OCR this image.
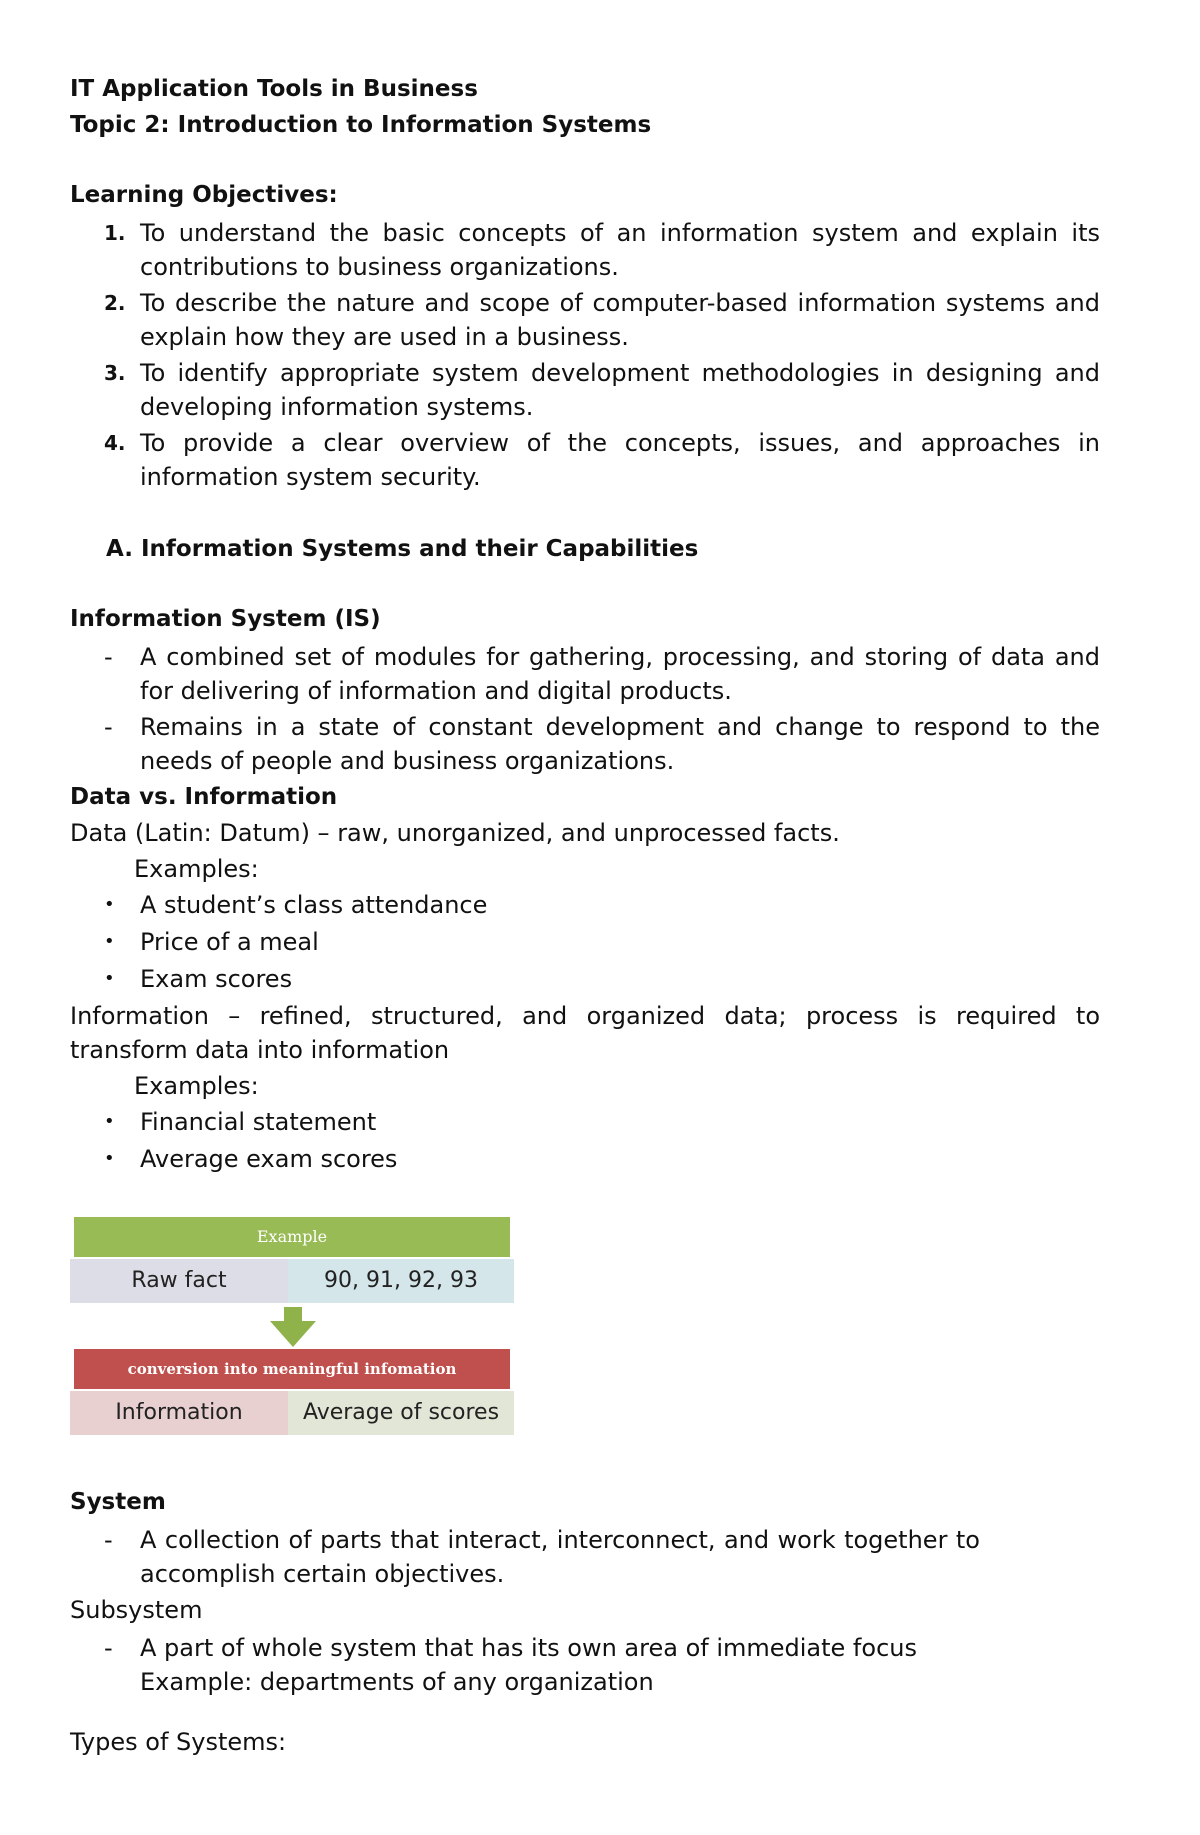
IT Application Tools in Business
Topic 2: Introduction to Information Systems
Learning Objectives:
1. To understand the basic concepts of an information system and explain its contributions to business organizations.
2. To describe the nature and scope of computer-based information systems and explain how they are used in a business.
3. To identify appropriate system development methodologies in designing and developing information systems.
4. To provide a clear overview of the concepts, issues, and approaches in information system security.
A. Information Systems and their Capabilities
Information System (IS)
- A combined set of modules for gathering, processing, and storing of data and for delivering of information and digital products.
- Remains in a state of constant development and change to respond to the needs of people and business organizations.
Data vs. Information
Data (Latin: Datum) – raw, unorganized, and unprocessed facts.
Examples:
• A student’s class attendance
• Price of a meal
• Exam scores
Information – refined, structured, and organized data; process is required to transform data into information
Examples:
• Financial statement
• Average exam scores
Example
Raw fact	90, 91, 92, 93
conversion into meaningful infomation
Information	Average of scores
System
- A collection of parts that interact, interconnect, and work together to accomplish certain objectives.
Subsystem
- A part of whole system that has its own area of immediate focus Example: departments of any organization
Types of Systems:
